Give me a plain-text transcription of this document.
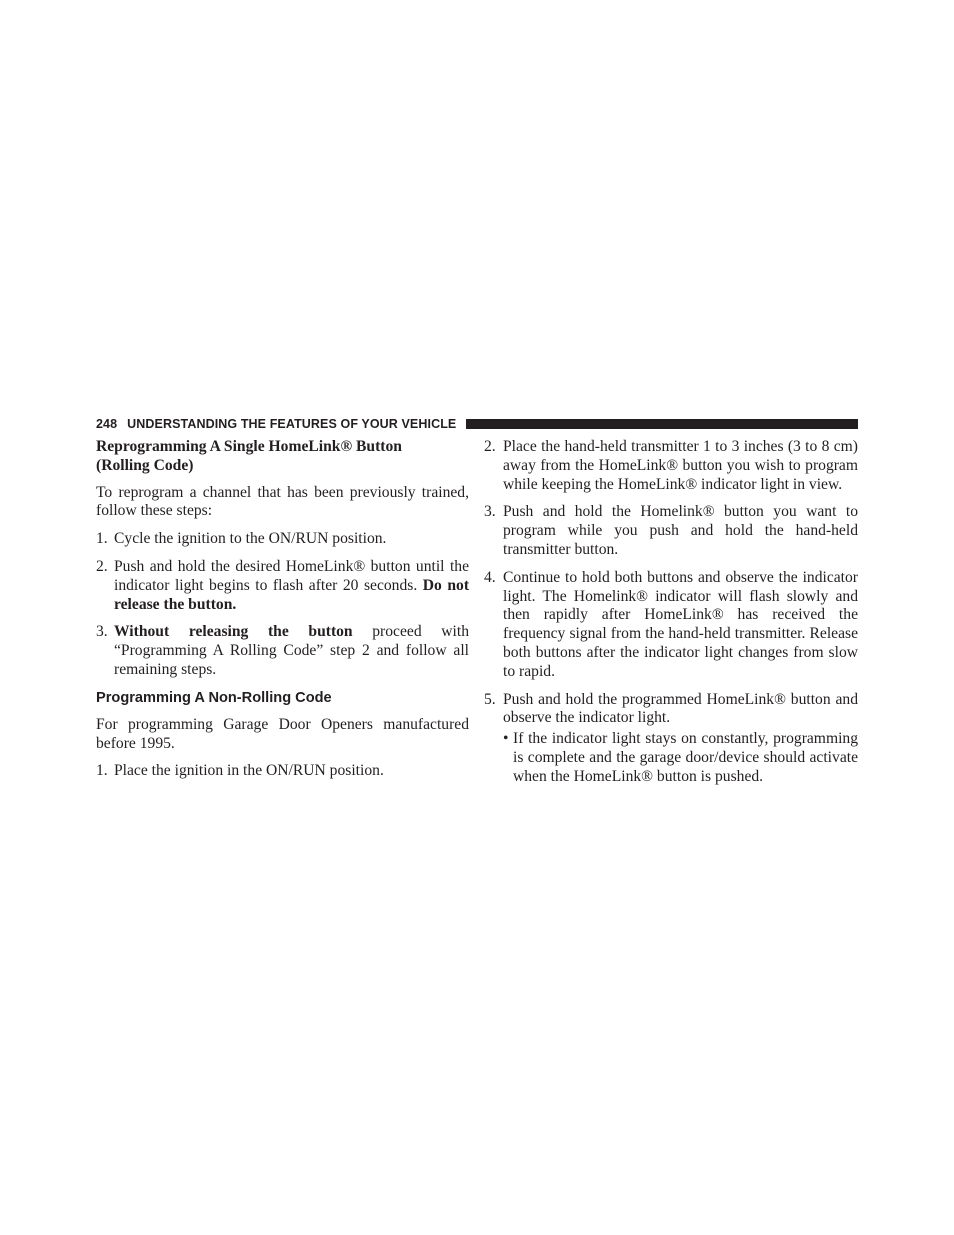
248 UNDERSTANDING THE FEATURES OF YOUR VEHICLE

Reprogramming A Single HomeLink® Button
(Rolling Code)

To reprogram a channel that has been previously trained, follow these steps:

1. Cycle the ignition to the ON/RUN position.
2. Push and hold the desired HomeLink® button until the indicator light begins to flash after 20 seconds. Do not release the button.
3. Without releasing the button proceed with “Programming A Rolling Code” step 2 and follow all remaining steps.

Programming A Non-Rolling Code

For programming Garage Door Openers manufactured before 1995.

1. Place the ignition in the ON/RUN position.
2. Place the hand-held transmitter 1 to 3 inches (3 to 8 cm) away from the HomeLink® button you wish to program while keeping the HomeLink® indicator light in view.
3. Push and hold the Homelink® button you want to program while you push and hold the hand-held transmitter button.
4. Continue to hold both buttons and observe the indicator light. The Homelink® indicator will flash slowly and then rapidly after HomeLink® has received the frequency signal from the hand-held transmitter. Release both buttons after the indicator light changes from slow to rapid.
5. Push and hold the programmed HomeLink® button and observe the indicator light.
• If the indicator light stays on constantly, programming is complete and the garage door/device should activate when the HomeLink® button is pushed.
